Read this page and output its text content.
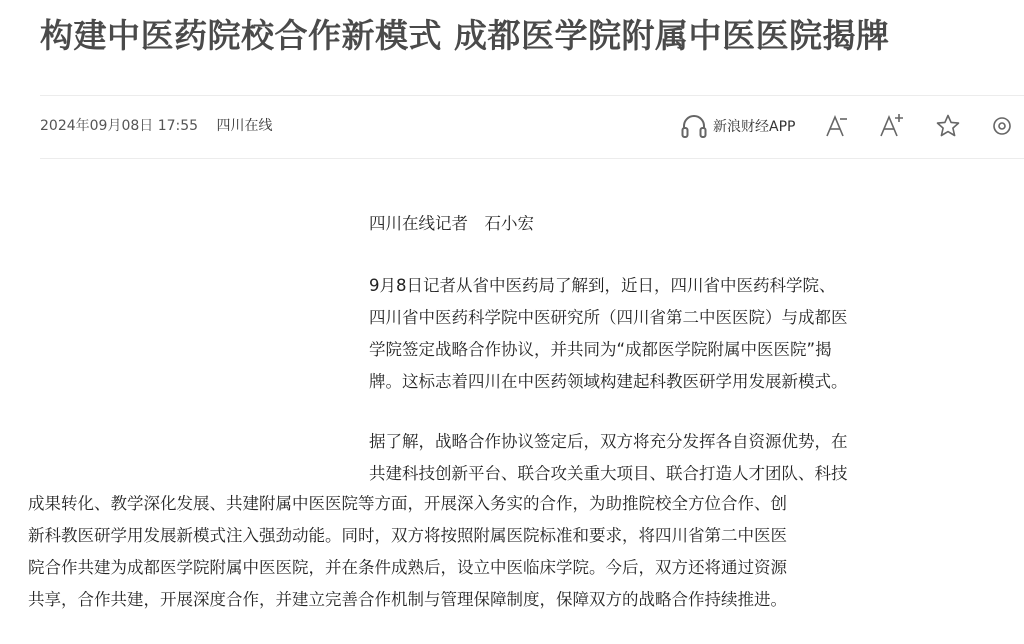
构建中医药院校合作新模式 成都医学院附属中医医院揭牌
2024年09月08日 17:55 四川在线	新浪财经APP

四川在线记者　石小宏

9月8日记者从省中医药局了解到，近日，四川省中医药科学院、
四川省中医药科学院中医研究所（四川省第二中医医院）与成都医
学院签定战略合作协议，并共同为“成都医学院附属中医医院”揭
牌。这标志着四川在中医药领域构建起科教医研学用发展新模式。
据了解，战略合作协议签定后，双方将充分发挥各自资源优势，在
共建科技创新平台、联合攻关重大项目、联合打造人才团队、科技
成果转化、教学深化发展、共建附属中医医院等方面，开展深入务实的合作，为助推院校全方位合作、创
新科教医研学用发展新模式注入强劲动能。同时，双方将按照附属医院标准和要求，将四川省第二中医医
院合作共建为成都医学院附属中医医院，并在条件成熟后，设立中医临床学院。今后，双方还将通过资源
共享，合作共建，开展深度合作，并建立完善合作机制与管理保障制度，保障双方的战略合作持续推进。
